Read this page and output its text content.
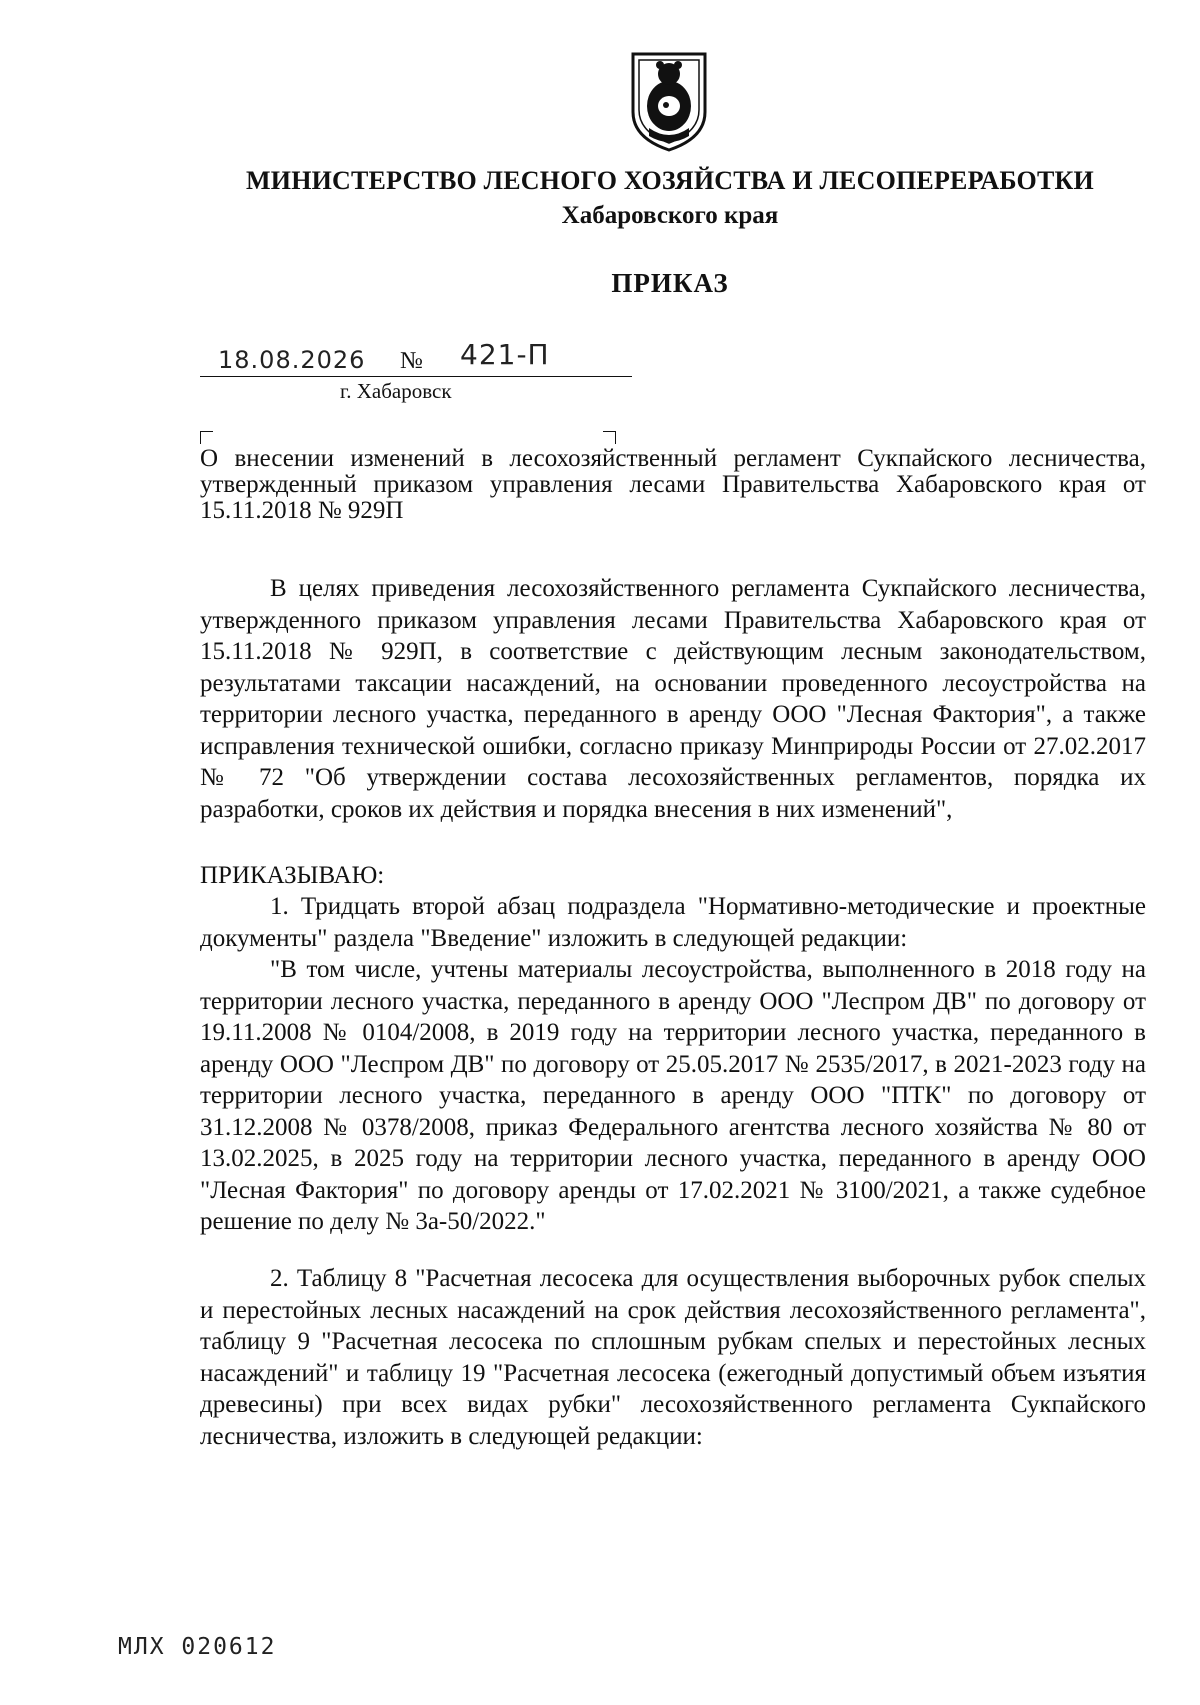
МИНИСТЕРСТВО ЛЕСНОГО ХОЗЯЙСТВА И ЛЕСОПЕРЕРАБОТКИ
Хабаровского края
ПРИКАЗ
18.08.2026 № 421-П
г. Хабаровск

О внесении изменений в лесохозяйственный регламент Сукпайского лесничества, утвержденный приказом управления лесами Правительства Хабаровского края от 15.11.2018 № 929П

В целях приведения лесохозяйственного регламента Сукпайского лесничества, утвержденного приказом управления лесами Правительства Хабаровского края от 15.11.2018 № 929П, в соответствие с действующим лесным законодательством, результатами таксации насаждений, на основании проведенного лесоустройства на территории лесного участка, переданного в аренду ООО "Лесная Фактория", а также исправления технической ошибки, согласно приказу Минприроды России от 27.02.2017 № 72 "Об утверждении состава лесохозяйственных регламентов, порядка их разработки, сроков их действия и порядка внесения в них изменений",

ПРИКАЗЫВАЮ:

1. Тридцать второй абзац подраздела "Нормативно-методические и проектные документы" раздела "Введение" изложить в следующей редакции:

"В том числе, учтены материалы лесоустройства, выполненного в 2018 году на территории лесного участка, переданного в аренду ООО "Леспром ДВ" по договору от 19.11.2008 № 0104/2008, в 2019 году на территории лесного участка, переданного в аренду ООО "Леспром ДВ" по договору от 25.05.2017 № 2535/2017, в 2021-2023 году на территории лесного участка, переданного в аренду ООО "ПТК" по договору от 31.12.2008 № 0378/2008, приказ Федерального агентства лесного хозяйства № 80 от 13.02.2025, в 2025 году на территории лесного участка, переданного в аренду ООО "Лесная Фактория" по договору аренды от 17.02.2021 № 3100/2021, а также судебное решение по делу № 3а-50/2022."

2. Таблицу 8 "Расчетная лесосека для осуществления выборочных рубок спелых и перестойных лесных насаждений на срок действия лесохозяйственного регламента", таблицу 9 "Расчетная лесосека по сплошным рубкам спелых и перестойных лесных насаждений" и таблицу 19 "Расчетная лесосека (ежегодный допустимый объем изъятия древесины) при всех видах рубки" лесохозяйственного регламента Сукпайского лесничества, изложить в следующей редакции:

МЛХ 020612
